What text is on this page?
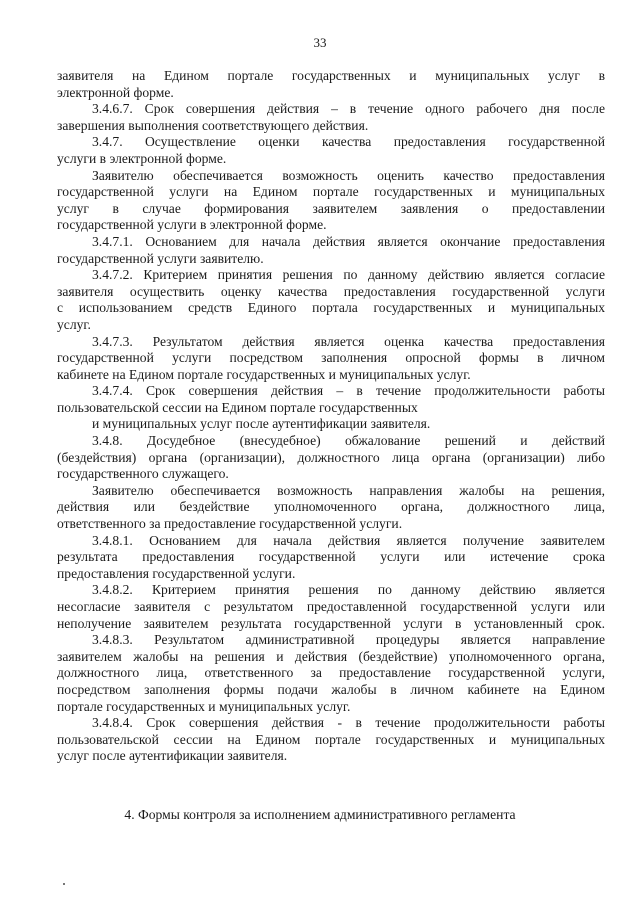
33
заявителя на Едином портале государственных и муниципальных услуг в
электронной форме.
3.4.6.7. Срок совершения действия – в течение одного рабочего дня после
завершения выполнения соответствующего действия.
3.4.7. Осуществление оценки качества предоставления государственной
услуги в электронной форме.
Заявителю обеспечивается возможность оценить качество предоставления
государственной услуги на Едином портале государственных и муниципальных
услуг в случае формирования заявителем заявления о предоставлении
государственной услуги в электронной форме.
3.4.7.1. Основанием для начала действия является окончание предоставления
государственной услуги заявителю.
3.4.7.2. Критерием принятия решения по данному действию является согласие
заявителя осуществить оценку качества предоставления государственной услуги
с использованием средств Единого портала государственных и муниципальных
услуг.
3.4.7.3. Результатом действия является оценка качества предоставления
государственной услуги посредством заполнения опросной формы в личном
кабинете на Едином портале государственных и муниципальных услуг.
3.4.7.4. Срок совершения действия – в течение продолжительности работы
пользовательской сессии на Едином портале государственных
и муниципальных услуг после аутентификации заявителя.
3.4.8. Досудебное (внесудебное) обжалование решений и действий
(бездействия) органа (организации), должностного лица органа (организации) либо
государственного служащего.
Заявителю обеспечивается возможность направления жалобы на решения,
действия или бездействие уполномоченного органа, должностного лица,
ответственного за предоставление государственной услуги.
3.4.8.1. Основанием для начала действия является получение заявителем
результата предоставления государственной услуги или истечение срока
предоставления государственной услуги.
3.4.8.2. Критерием принятия решения по данному действию является
несогласие заявителя с результатом предоставленной государственной услуги или
неполучение заявителем результата государственной услуги в установленный срок.
3.4.8.3. Результатом административной процедуры является направление
заявителем жалобы на решения и действия (бездействие) уполномоченного органа,
должностного лица, ответственного за предоставление государственной услуги,
посредством заполнения формы подачи жалобы в личном кабинете на Едином
портале государственных и муниципальных услуг.
3.4.8.4. Срок совершения действия - в течение продолжительности работы
пользовательской сессии на Едином портале государственных и муниципальных
услуг после аутентификации заявителя.
4. Формы контроля за исполнением административного регламента
